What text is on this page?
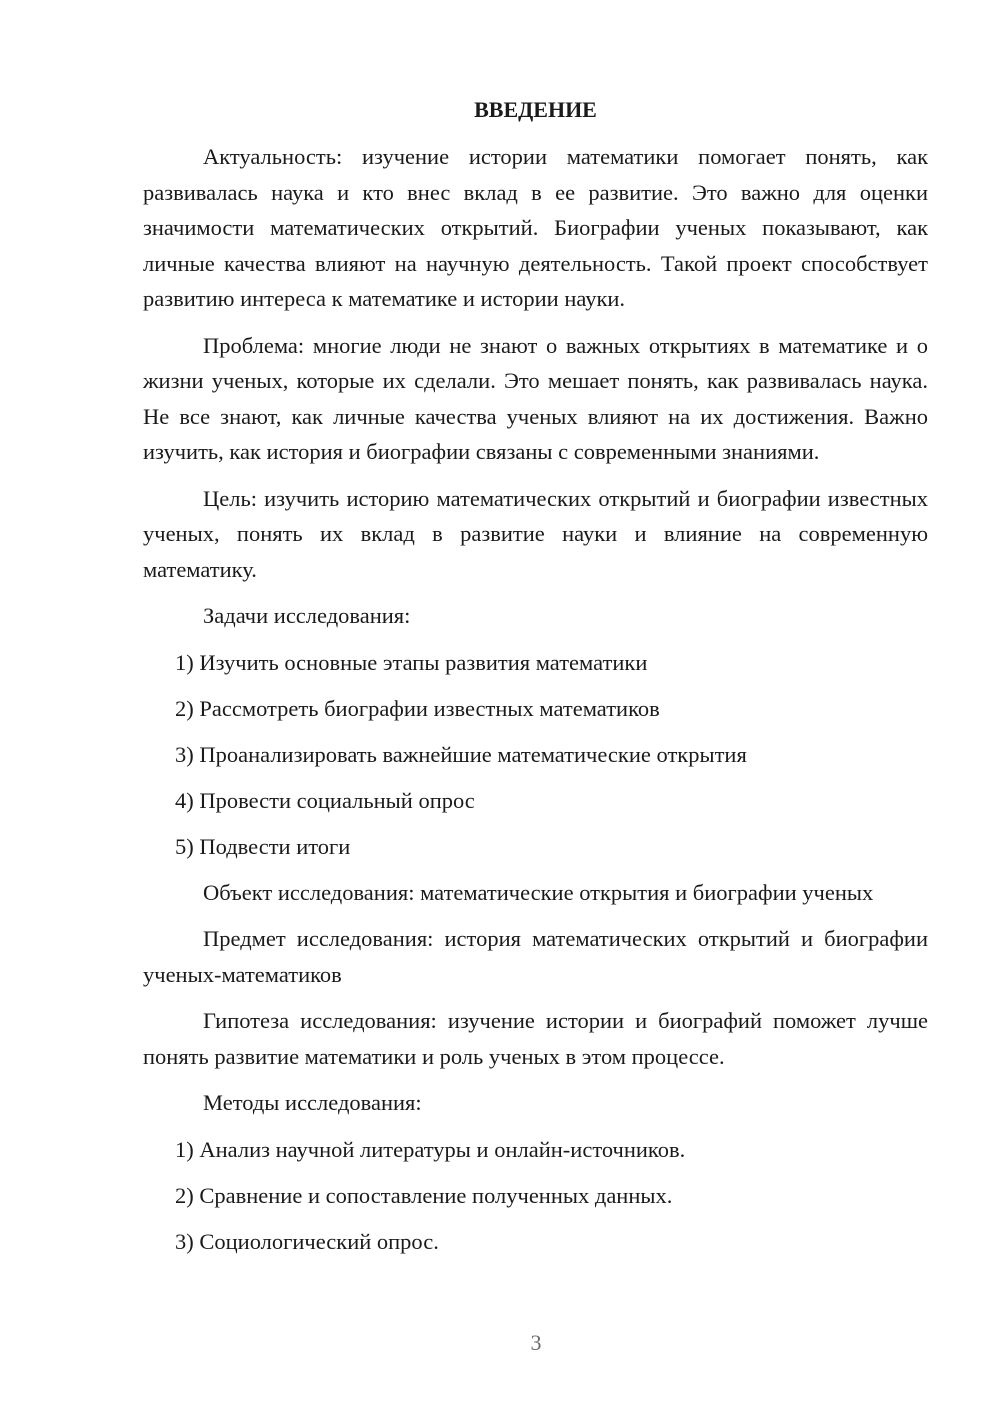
ВВЕДЕНИЕ
Актуальность: изучение истории математики помогает понять, как развивалась наука и кто внес вклад в ее развитие. Это важно для оценки значимости математических открытий. Биографии ученых показывают, как личные качества влияют на научную деятельность. Такой проект способствует развитию интереса к математике и истории науки.
Проблема: многие люди не знают о важных открытиях в математике и о жизни ученых, которые их сделали. Это мешает понять, как развивалась наука. Не все знают, как личные качества ученых влияют на их достижения. Важно изучить, как история и биографии связаны с современными знаниями.
Цель: изучить историю математических открытий и биографии известных ученых, понять их вклад в развитие науки и влияние на современную математику.
Задачи исследования:
1) Изучить основные этапы развития математики
2) Рассмотреть биографии известных математиков
3) Проанализировать важнейшие математические открытия
4) Провести социальный опрос
5) Подвести итоги
Объект исследования: математические открытия и биографии ученых
Предмет исследования: история математических открытий и биографии ученых-математиков
Гипотеза исследования: изучение истории и биографий поможет лучше понять развитие математики и роль ученых в этом процессе.
Методы исследования:
1) Анализ научной литературы и онлайн-источников.
2) Сравнение и сопоставление полученных данных.
3) Социологический опрос.
3
